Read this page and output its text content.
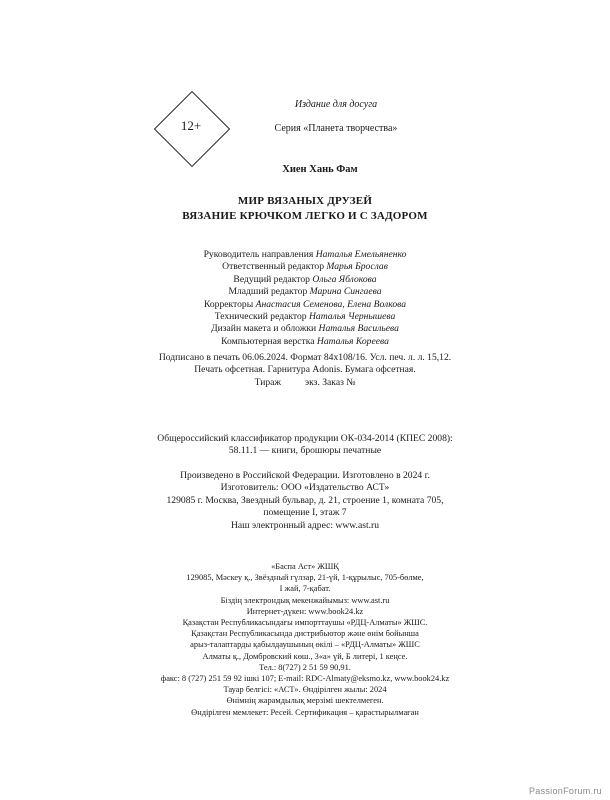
12+
Издание для досуга
Серия «Планета творчества»
Хиен Хань Фам
МИР ВЯЗАНЫХ ДРУЗЕЙ
ВЯЗАНИЕ КРЮЧКОМ ЛЕГКО И С ЗАДОРОМ
Руководитель направления Наталья Емельяненко
Ответственный редактор Марья Брослав
Ведущий редактор Ольга Яблокова
Младший редактор Марина Сингаева
Корректоры Анастасия Семенова, Елена Волкова
Технический редактор Наталья Чернышева
Дизайн макета и обложки Наталья Васильева
Компьютерная верстка Наталья Кореева
Подписано в печать 06.06.2024. Формат 84x108/16. Усл. печ. л. л. 15,12.
Печать офсетная. Гарнитура Adonis. Бумага офсетная.
Тираж          экз. Заказ №
Общероссийский классификатор продукции ОК-034-2014 (КПЕС 2008):
58.11.1 — книги, брошюры печатные
Произведено в Российской Федерации. Изготовлено в 2024 г.
Изготовитель: ООО «Издательство АСТ»
129085 г. Москва, Звездный бульвар, д. 21, строение 1, комната 705,
помещение I, этаж 7
Наш электронный адрес: www.ast.ru
«Баспа Аст» ЖШҚ
129085, Мәскеу қ., Звёздный гүлзар, 21-үй, 1-құрылыс, 705-бөлме,
I жай, 7-қабат.
Біздің электрондық мекенжайымыз: www.ast.ru
Интернет-дүкен: www.book24.kz
Қазақстан Республикасындағы импорттаушы «РДЦ-Алматы» ЖШС.
Қазақстан Республикасында дистрибьютор және өнім бойынша
арыз-талаптарды қабылдаушының өкілі – «РДЦ-Алматы» ЖШС
Алматы қ., Домбровский көш., 3«а» үй, Б литері, 1 кеңсе.
Тел.: 8(727) 2 51 59 90,91.
факс: 8 (727) 251 59 92 ішкі 107; E-mail: RDC-Almaty@eksmo.kz, www.book24.kz
Тауар белгісі: «АСТ». Өндірілген жылы: 2024
Өнімнің жарамдылық мерзімі шектелмеген.
Өндірілген мемлекет: Ресей. Сертификация – қарастырылмаған
PassionForum.ru
